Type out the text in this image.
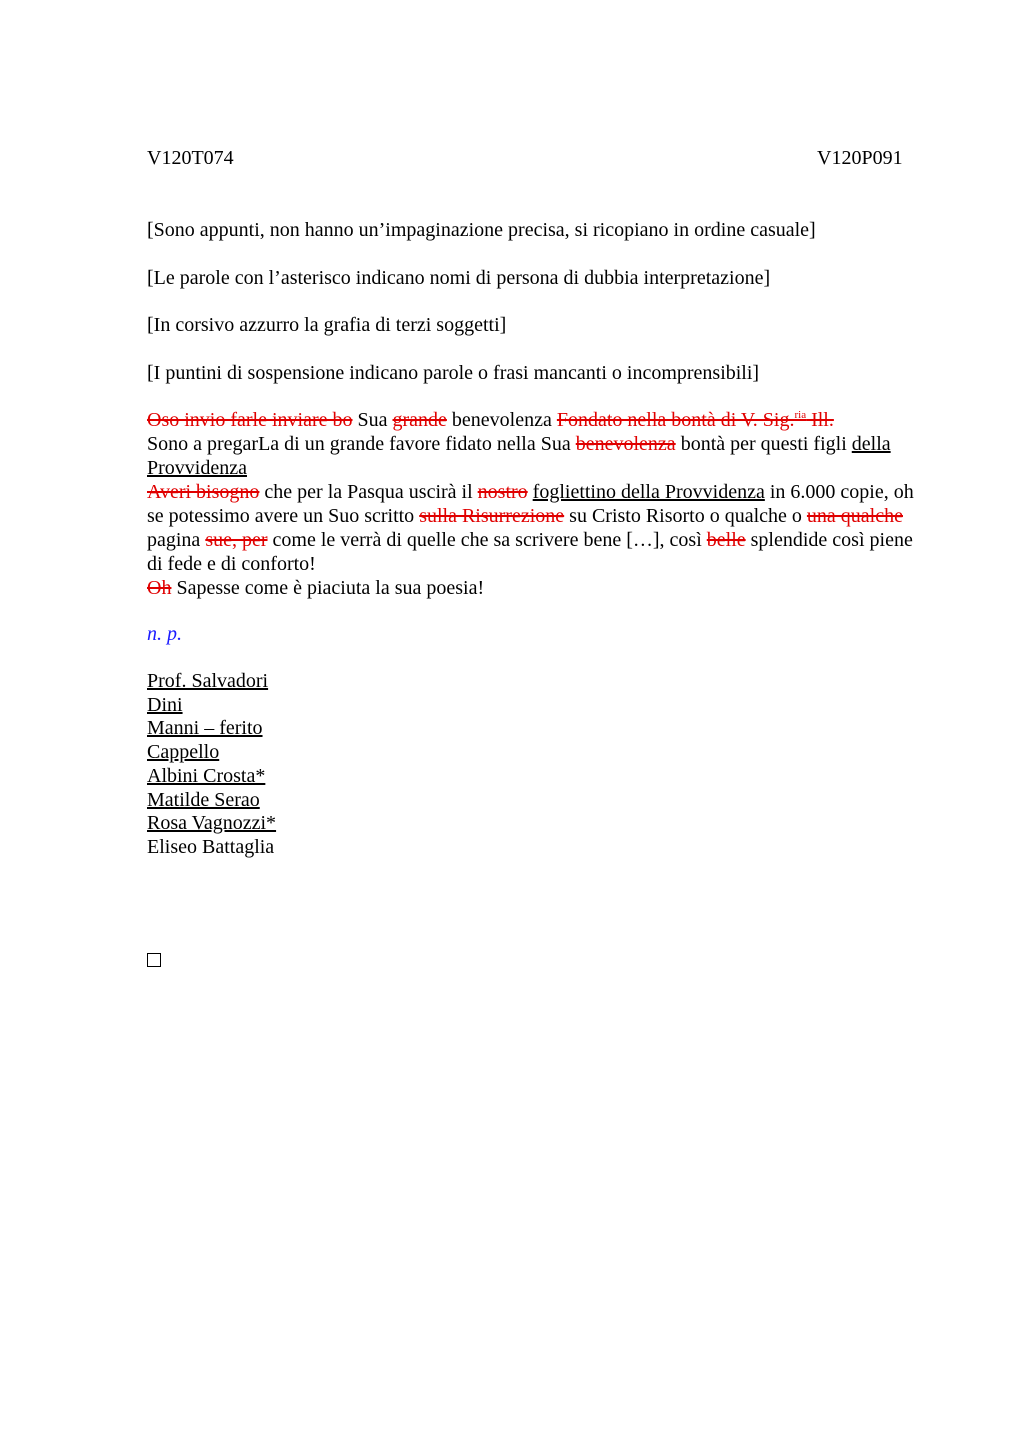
V120T074	V120P091
[Sono appunti, non hanno un’impaginazione precisa, si ricopiano in ordine casuale]
[Le parole con l’asterisco indicano nomi di persona di dubbia interpretazione]
[In corsivo azzurro la grafia di terzi soggetti]
[I puntini di sospensione indicano parole o frasi mancanti o incomprensibili]
Oso invio farle inviare bo Sua grande benevolenza Fondato nella bontà di V. Sig.$^{ria}$ Ill.
Sono a pregarLa di un grande favore fidato nella Sua benevolenza bontà per questi figli della Provvidenza
Averi bisogno che per la Pasqua uscirà il nostro fogliettino della Provvidenza in 6.000 copie, oh se potessimo avere un Suo scritto sulla Risurrezione su Cristo Risorto o qualche o una qualche pagina sue, per come le verrà di quelle che sa scrivere bene […], così belle splendide così piene di fede e di conforto!
Oh Sapesse come è piaciuta la sua poesia!
n. p.
Prof. Salvadori
Dini
Manni – ferito
Cappello
Albini Crosta*
Matilde Serao
Rosa Vagnozzi*
Eliseo Battaglia
